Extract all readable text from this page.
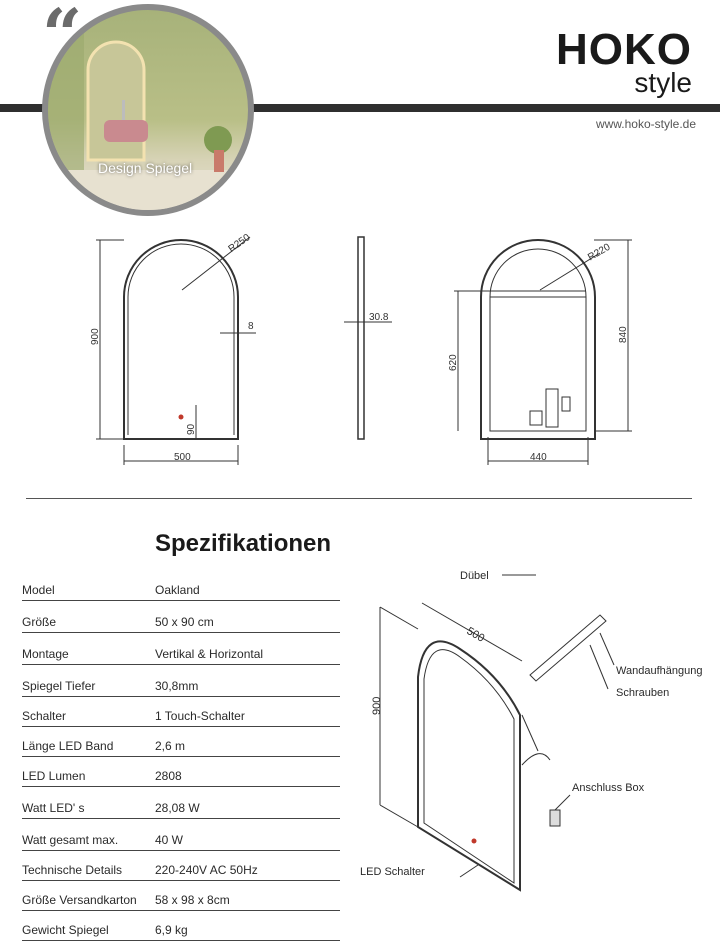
Design Spiegel
“	HOKO
style
www.hoko-style.de
R250
8
900
90
500
30.8
R220
840
620
440
Spezifikationen
Model	Oakland
Größe	50 x 90 cm
Montage	Vertikal & Horizontal
Spiegel Tiefer	30,8mm
Schalter	1 Touch-Schalter
Länge LED Band	2,6 m
LED Lumen	2808
Watt LED' s	28,08 W
Watt gesamt max.	40 W
Technische Details	220-240V AC 50Hz
Größe Versandkarton 58 x 98 x 8cm
Gewicht Spiegel	6,9 kg
Dübel
500
900
Wandaufhängung
Schrauben
Anschluss Box
LED Schalter
